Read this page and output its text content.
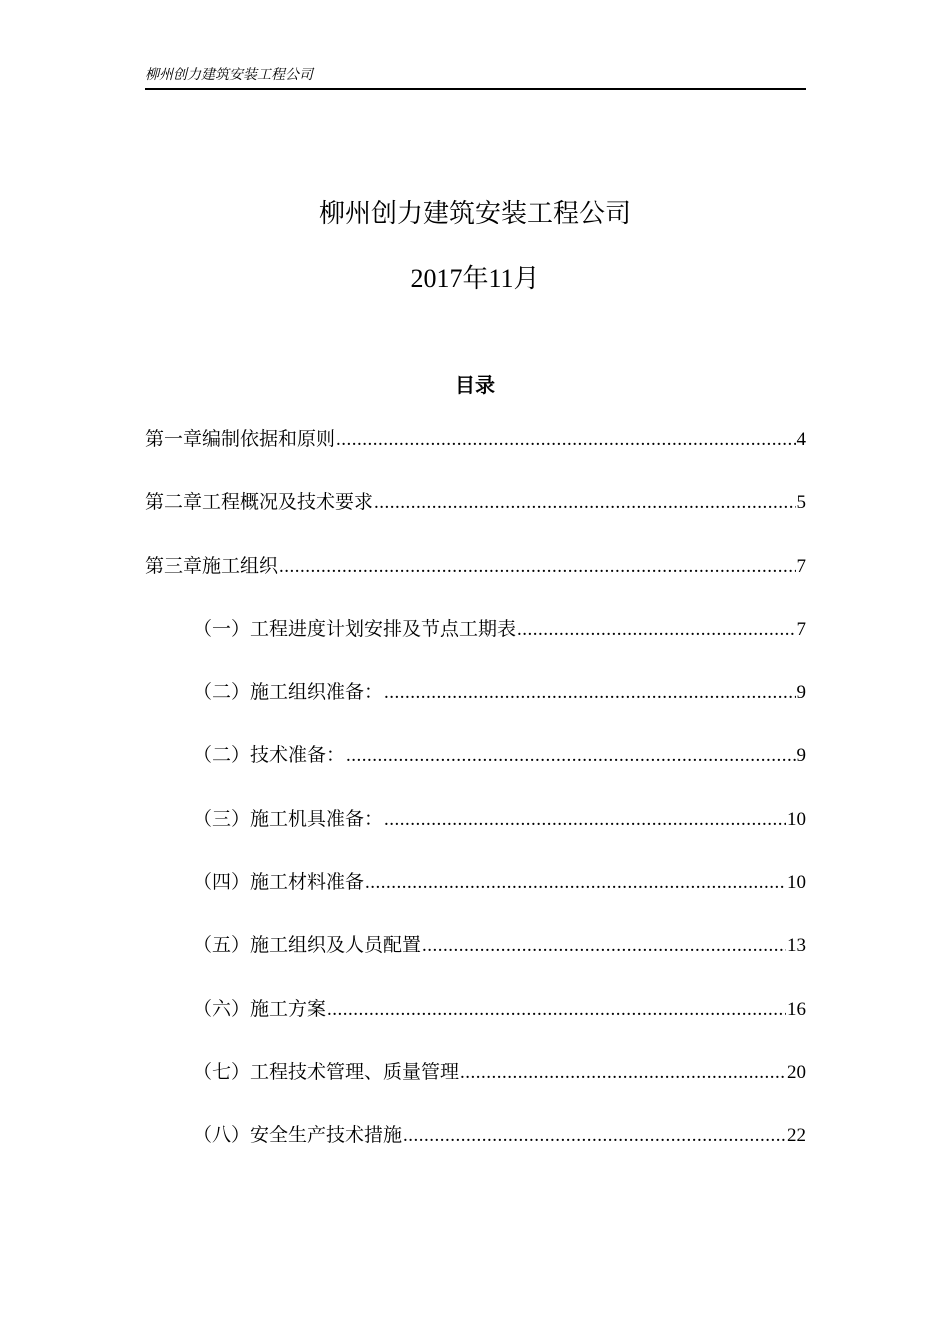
柳州创力建筑安装工程公司
柳州创力建筑安装工程公司
2017年11月
目录
第一章编制依据和原则 .....	4
第二章工程概况及技术要求 .....	5
第三章施工组织 .....	7
（一）工程进度计划安排及节点工期表 .....	7
（二）施工组织准备： .....	9
（二）技术准备： .....	9
（三）施工机具准备： .....	10
（四）施工材料准备 .....	10
（五）施工组织及人员配置 .....	13
（六）施工方案 .....	16
（七）工程技术管理、质量管理 .....	20
（八）安全生产技术措施 .....	22
